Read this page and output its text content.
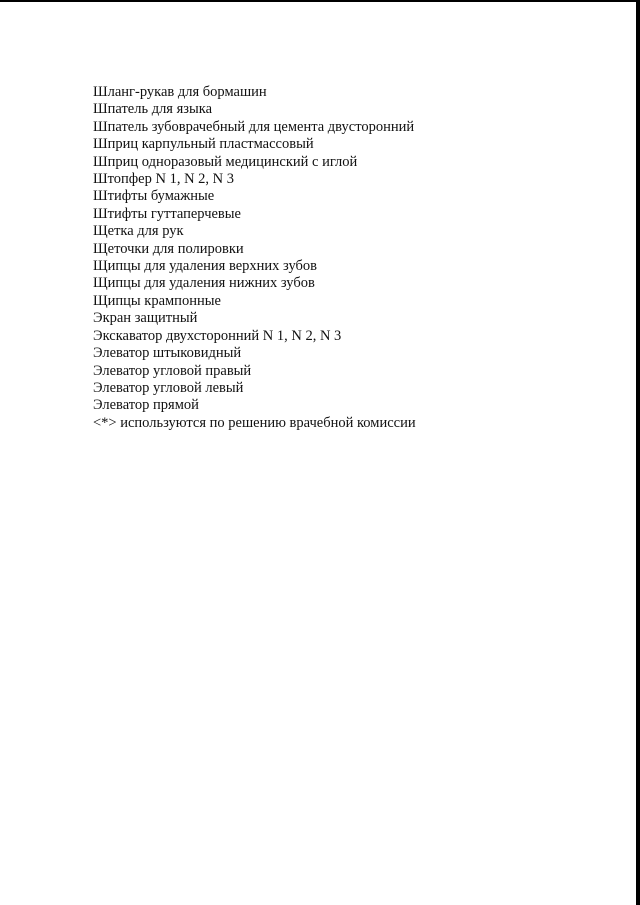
Шланг-рукав для бормашин
Шпатель для языка
Шпатель зубоврачебный для цемента двусторонний
Шприц карпульный пластмассовый
Шприц одноразовый медицинский с иглой
Штопфер N 1, N 2, N 3
Штифты бумажные
Штифты гуттаперчевые
Щетка для рук
Щеточки для полировки
Щипцы для удаления верхних зубов
Щипцы для удаления нижних зубов
Щипцы крампонные
Экран защитный
Экскаватор двухсторонний N 1, N 2, N 3
Элеватор штыковидный
Элеватор угловой правый
Элеватор угловой левый
Элеватор прямой
<*> используются по решению врачебной комиссии
